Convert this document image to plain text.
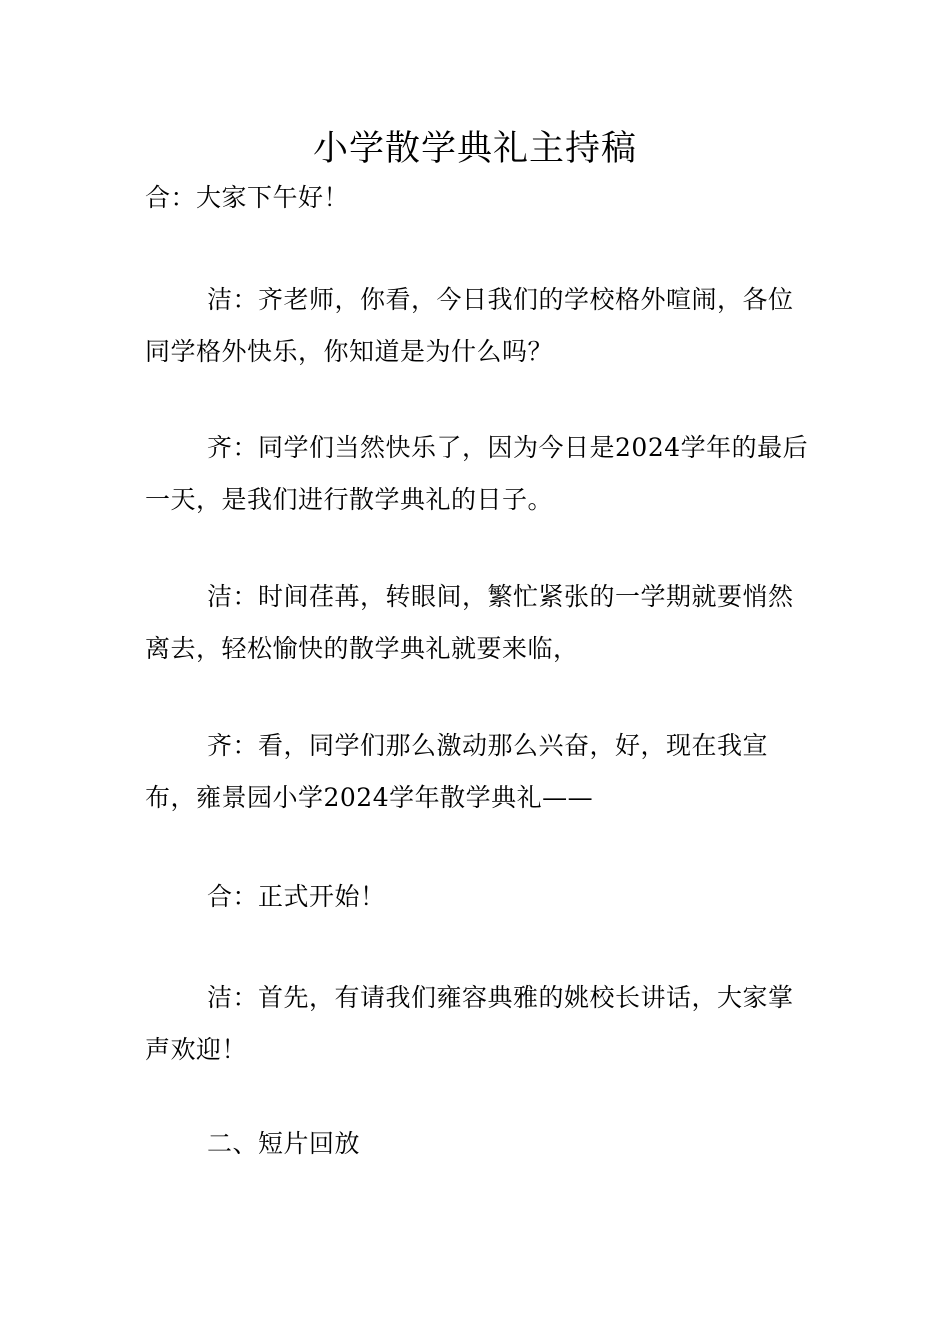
小学散学典礼主持稿

合：大家下午好！

洁：齐老师，你看，今日我们的学校格外喧闹，各位同学格外快乐，你知道是为什么吗？

齐：同学们当然快乐了，因为今日是2024学年的最后一天，是我们进行散学典礼的日子。

洁：时间荏苒，转眼间，繁忙紧张的一学期就要悄然离去，轻松愉快的散学典礼就要来临，

齐：看，同学们那么激动那么兴奋，好，现在我宣布，雍景园小学2024学年散学典礼——

合：正式开始！

洁：首先，有请我们雍容典雅的姚校长讲话，大家掌声欢迎！

二、短片回放
